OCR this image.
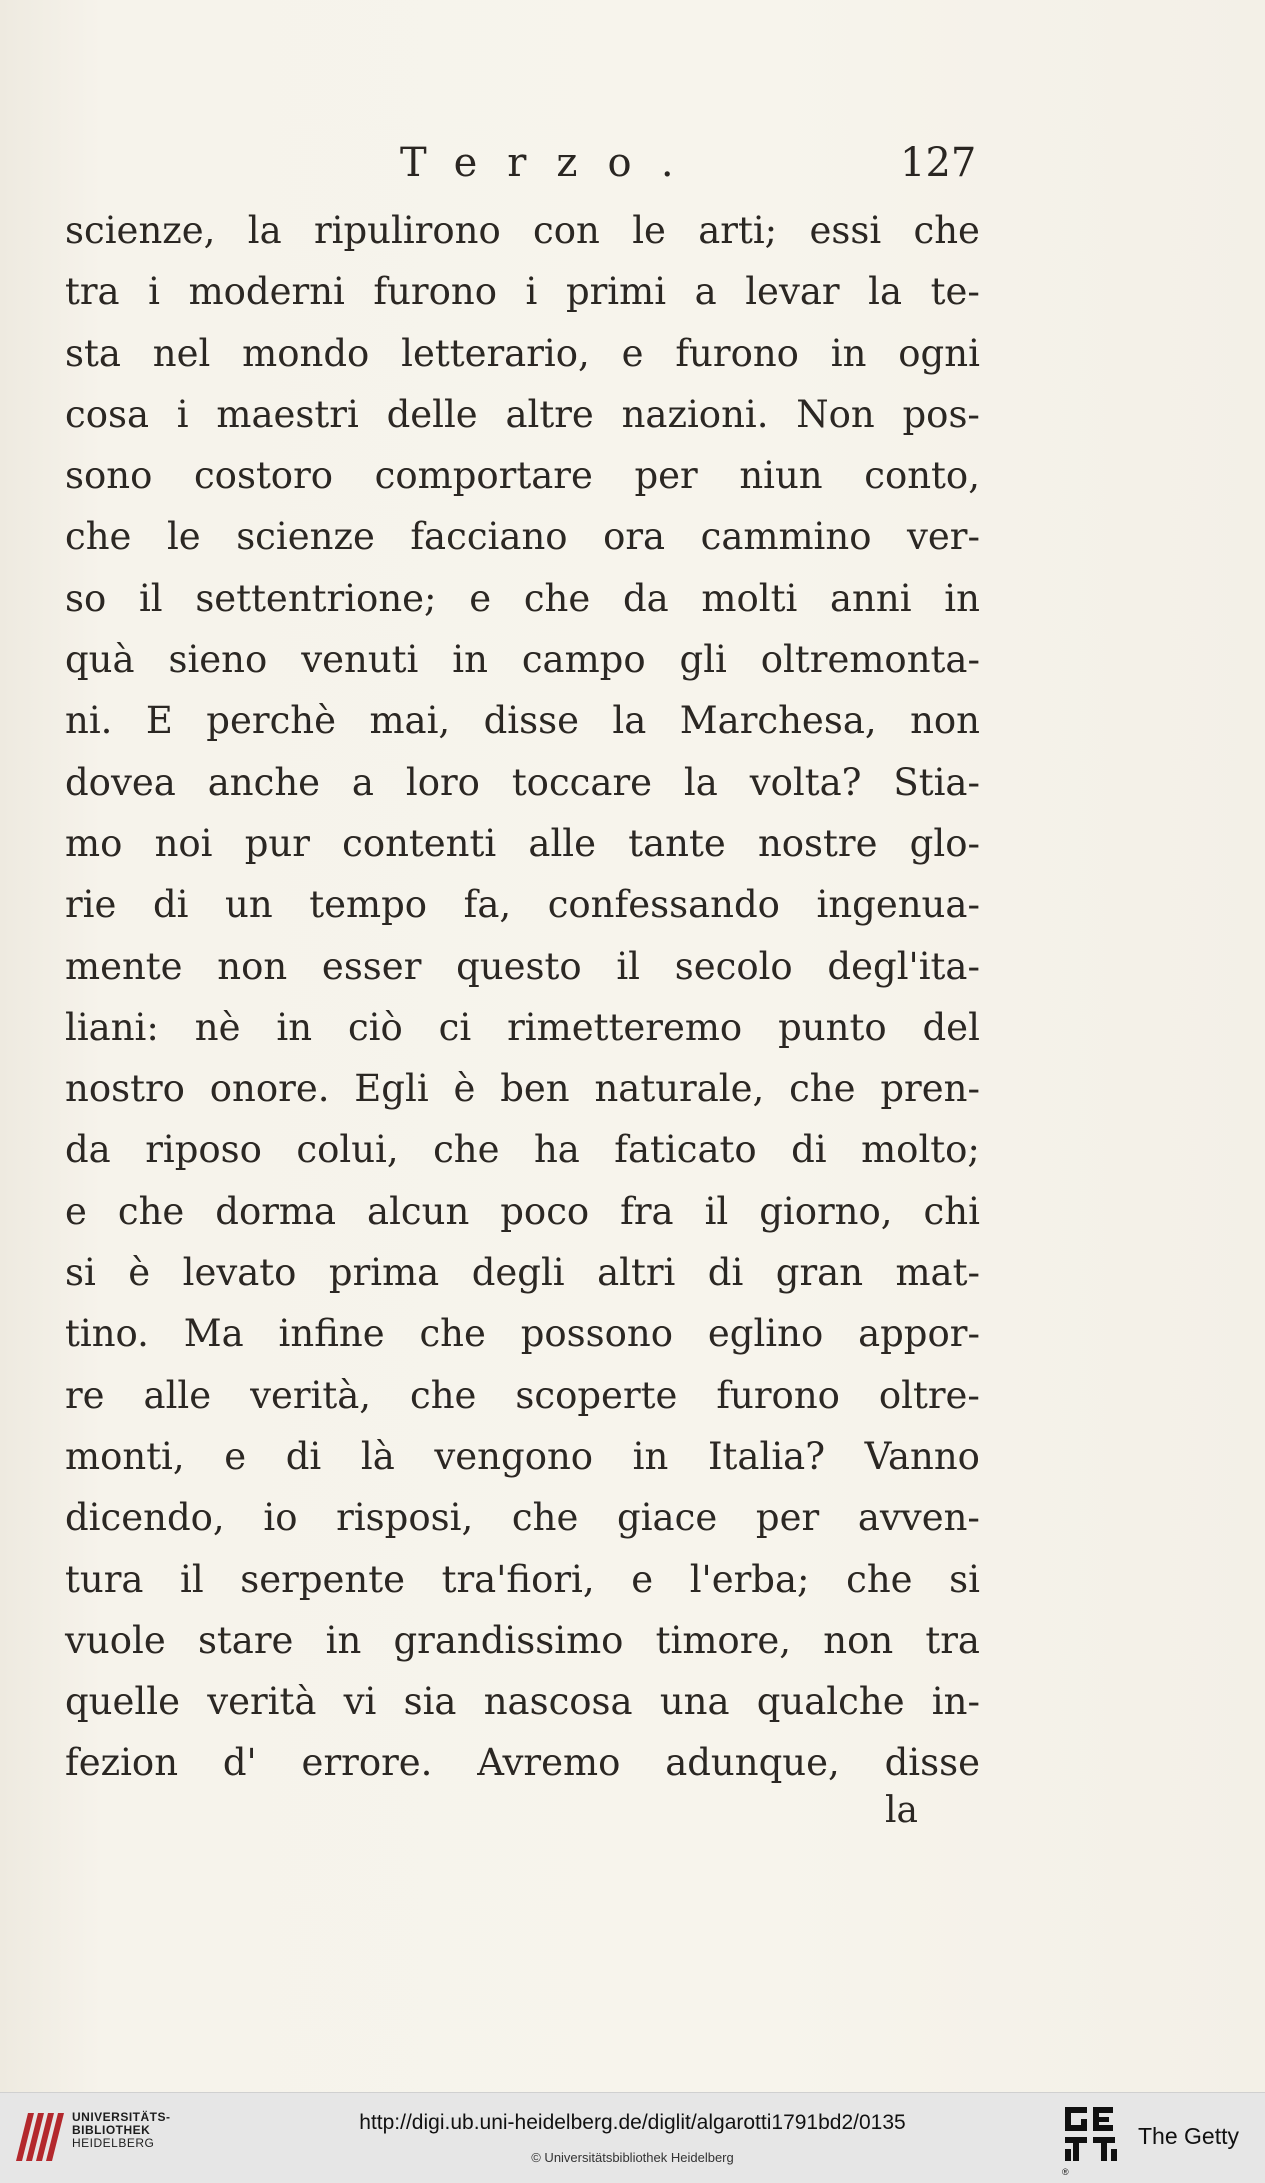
Terzo.	127
scienze, la ripulirono con le arti; essi che
tra i moderni furono i primi a levar la te-
sta nel mondo letterario, e furono in ogni
cosa i maestri delle altre nazioni. Non pos-
sono costoro comportare per niun conto,
che le scienze facciano ora cammino ver-
so il settentrione; e che da molti anni in
quà sieno venuti in campo gli oltremonta-
ni. E perchè mai, disse la Marchesa, non
dovea anche a loro toccare la volta? Stia-
mo noi pur contenti alle tante nostre glo-
rie di un tempo fa, confessando ingenua-
mente non esser questo il secolo degl'ita-
liani: nè in ciò ci rimetteremo punto del
nostro onore. Egli è ben naturale, che pren-
da riposo colui, che ha faticato di molto;
e che dorma alcun poco fra il giorno, chi
si è levato prima degli altri di gran mat-
tino. Ma infine che possono eglino appor-
re alle verità, che scoperte furono oltre-
monti, e di là vengono in Italia? Vanno
dicendo, io risposi, che giace per avven-
tura il serpente tra'fiori, e l'erba; che si
vuole stare in grandissimo timore, non tra
quelle verità vi sia nascosa una qualche in-
fezion d' errore. Avremo adunque, disse
la
UNIVERSITÄTS-
BIBLIOTHEK
HEIDELBERG
http://digi.ub.uni-heidelberg.de/diglit/algarotti1791bd2/0135
© Universitätsbibliothek Heidelberg
®
The Getty
